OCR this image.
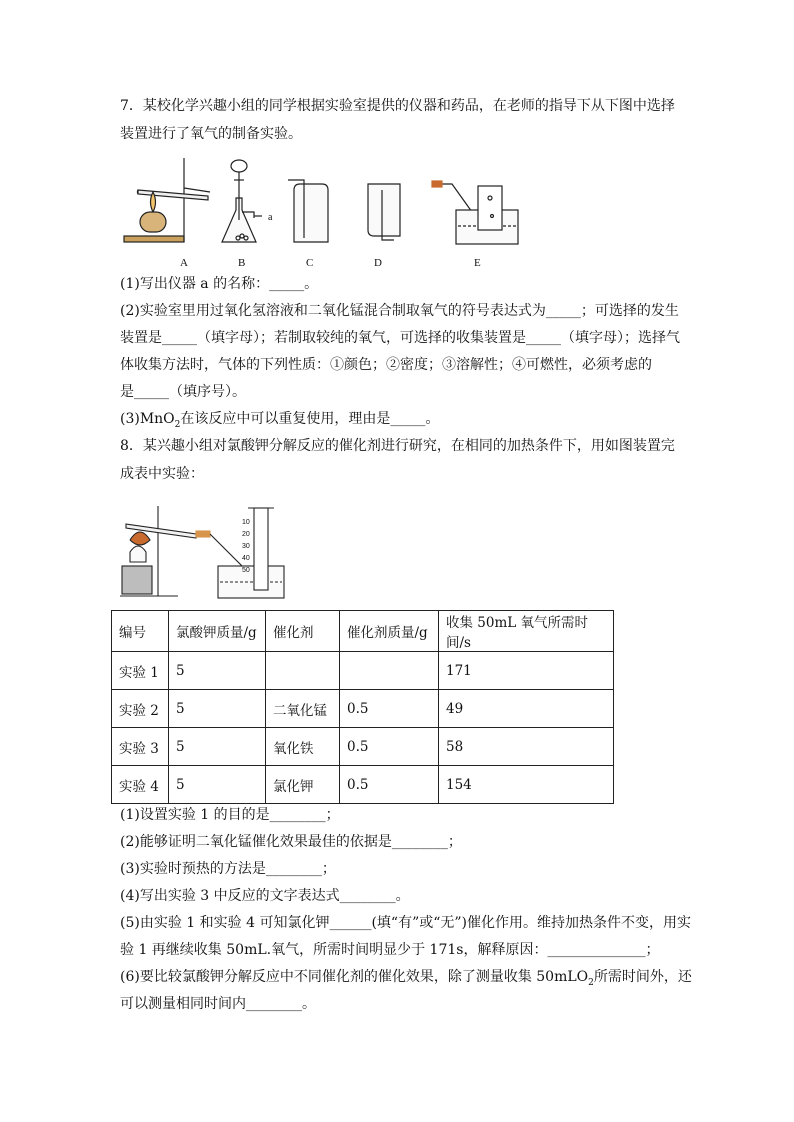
7．某校化学兴趣小组的同学根据实验室提供的仪器和药品，在老师的指导下从下图中选择
装置进行了氧气的制备实验。
A	B	C	D	E
a
(1)写出仪器 a 的名称：_____。
(2)实验室里用过氧化氢溶液和二氧化锰混合制取氧气的符号表达式为_____；可选择的发生
装置是_____（填字母）；若制取较纯的氧气，可选择的收集装置是_____（填字母）；选择气
体收集方法时，气体的下列性质：①颜色；②密度；③溶解性；④可燃性，必须考虑的
是_____（填序号）。
(3)MnO$_2$在该反应中可以重复使用，理由是_____。
8．某兴趣小组对氯酸钾分解反应的催化剂进行研究，在相同的加热条件下，用如图装置完
成表中实验：
10
20
30
40
50
编号	氯酸钾质量/g	催化剂	催化剂质量/g	收集 50mL 氧气所需时间/s
实验 1	5			171
实验 2	5	二氧化锰	0.5	49
实验 3	5	氧化铁	0.5	58
实验 4	5	氯化钾	0.5	154
(1)设置实验 1 的目的是________；
(2)能够证明二氧化锰催化效果最佳的依据是________；
(3)实验时预热的方法是________；
(4)写出实验 3 中反应的文字表达式________。
(5)由实验 1 和实验 4 可知氯化钾______(填“有”或“无”)催化作用。维持加热条件不变，用实
验 1 再继续收集 50mL.氧气，所需时间明显少于 171s，解释原因：______________；
(6)要比较氯酸钾分解反应中不同催化剂的催化效果，除了测量收集 50mLO$_2$所需时间外，还
可以测量相同时间内________。
